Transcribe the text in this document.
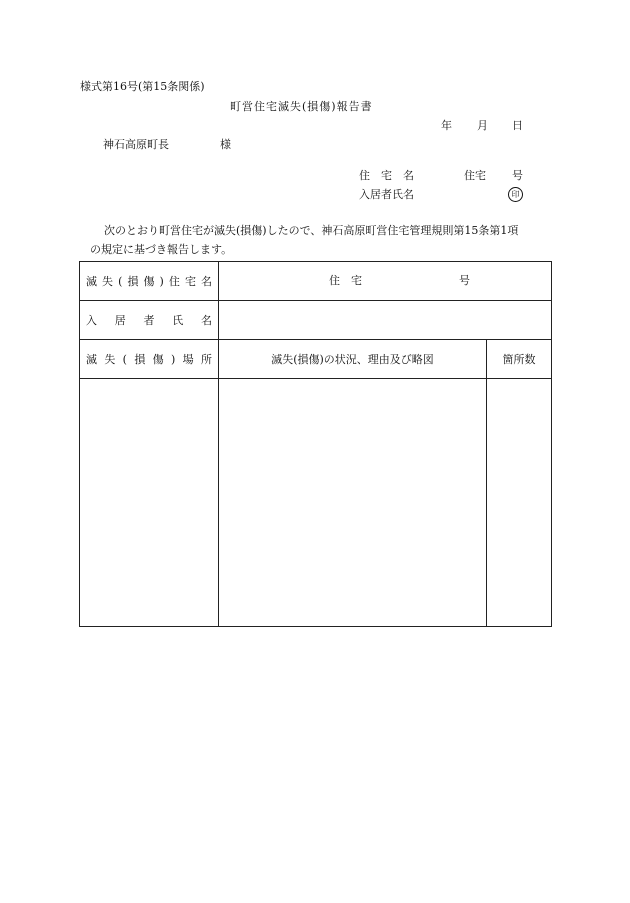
様式第16号(第15条関係)
町営住宅滅失(損傷)報告書
年 月 日
神石高原町長	様
住　宅　名	住宅 号
入居者氏名	印
次のとおり町営住宅が滅失(損傷)したので、神石高原町営住宅管理規則第15条第1項
の規定に基づき報告します。
滅失(損傷)住宅名	住　宅 号	

入居者氏名		
滅失(損傷)場所	滅失(損傷)の状況、理由及び略図	箇所数
